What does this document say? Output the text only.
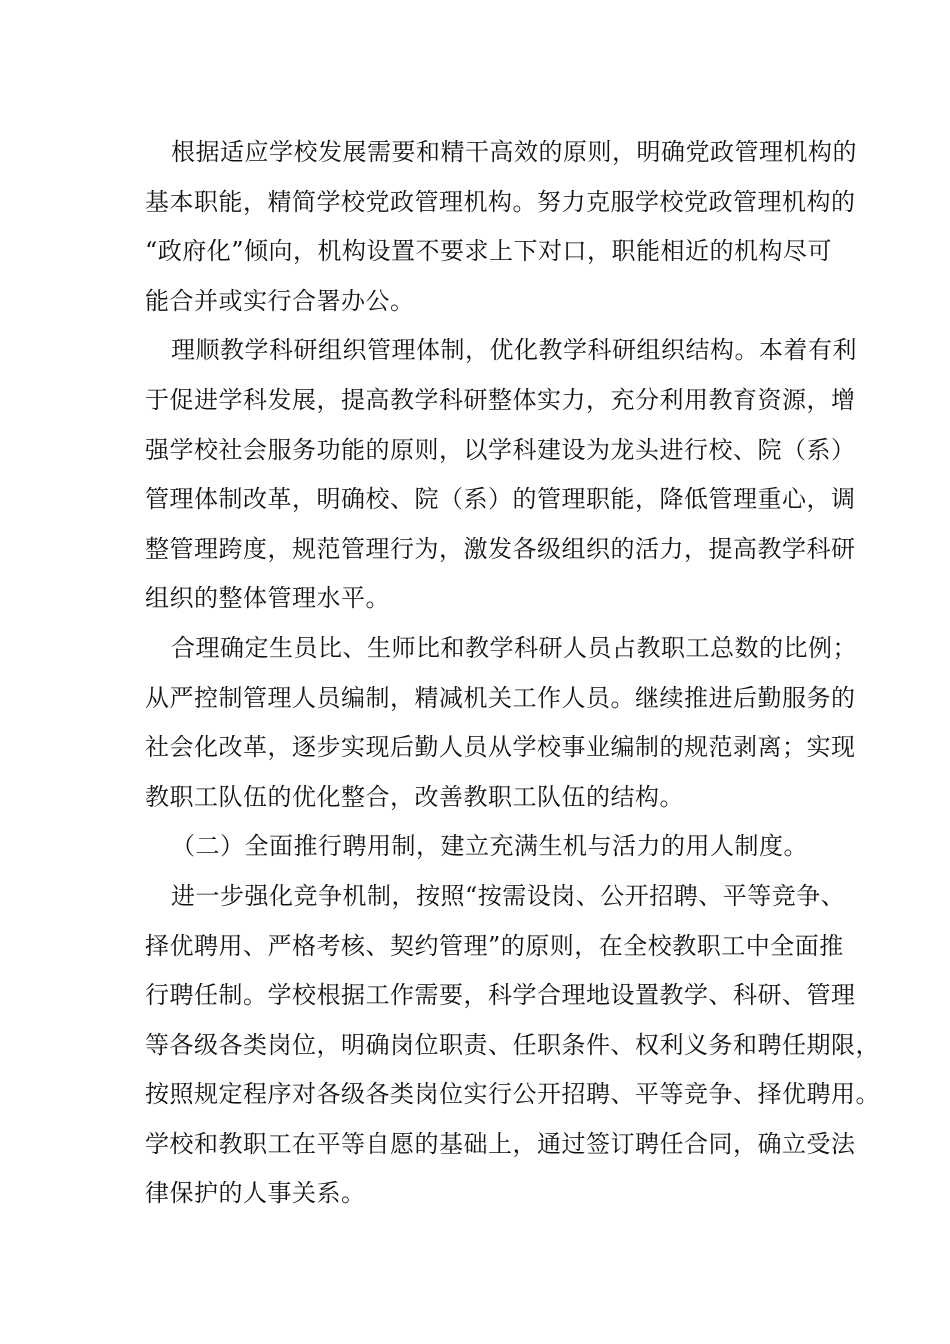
根据适应学校发展需要和精干高效的原则，明确党政管理机构的
基本职能，精简学校党政管理机构。努力克服学校党政管理机构的
“政府化”倾向，机构设置不要求上下对口，职能相近的机构尽可
能合并或实行合署办公。
理顺教学科研组织管理体制，优化教学科研组织结构。本着有利
于促进学科发展，提高教学科研整体实力，充分利用教育资源，增
强学校社会服务功能的原则，以学科建设为龙头进行校、院（系）
管理体制改革，明确校、院（系）的管理职能，降低管理重心，调
整管理跨度，规范管理行为，激发各级组织的活力，提高教学科研
组织的整体管理水平。
合理确定生员比、生师比和教学科研人员占教职工总数的比例；
从严控制管理人员编制，精减机关工作人员。继续推进后勤服务的
社会化改革，逐步实现后勤人员从学校事业编制的规范剥离；实现
教职工队伍的优化整合，改善教职工队伍的结构。
（二）全面推行聘用制，建立充满生机与活力的用人制度。
进一步强化竞争机制，按照“按需设岗、公开招聘、平等竞争、
择优聘用、严格考核、契约管理”的原则，在全校教职工中全面推
行聘任制。学校根据工作需要，科学合理地设置教学、科研、管理
等各级各类岗位，明确岗位职责、任职条件、权利义务和聘任期限，
按照规定程序对各级各类岗位实行公开招聘、平等竞争、择优聘用。
学校和教职工在平等自愿的基础上，通过签订聘任合同，确立受法
律保护的人事关系。
